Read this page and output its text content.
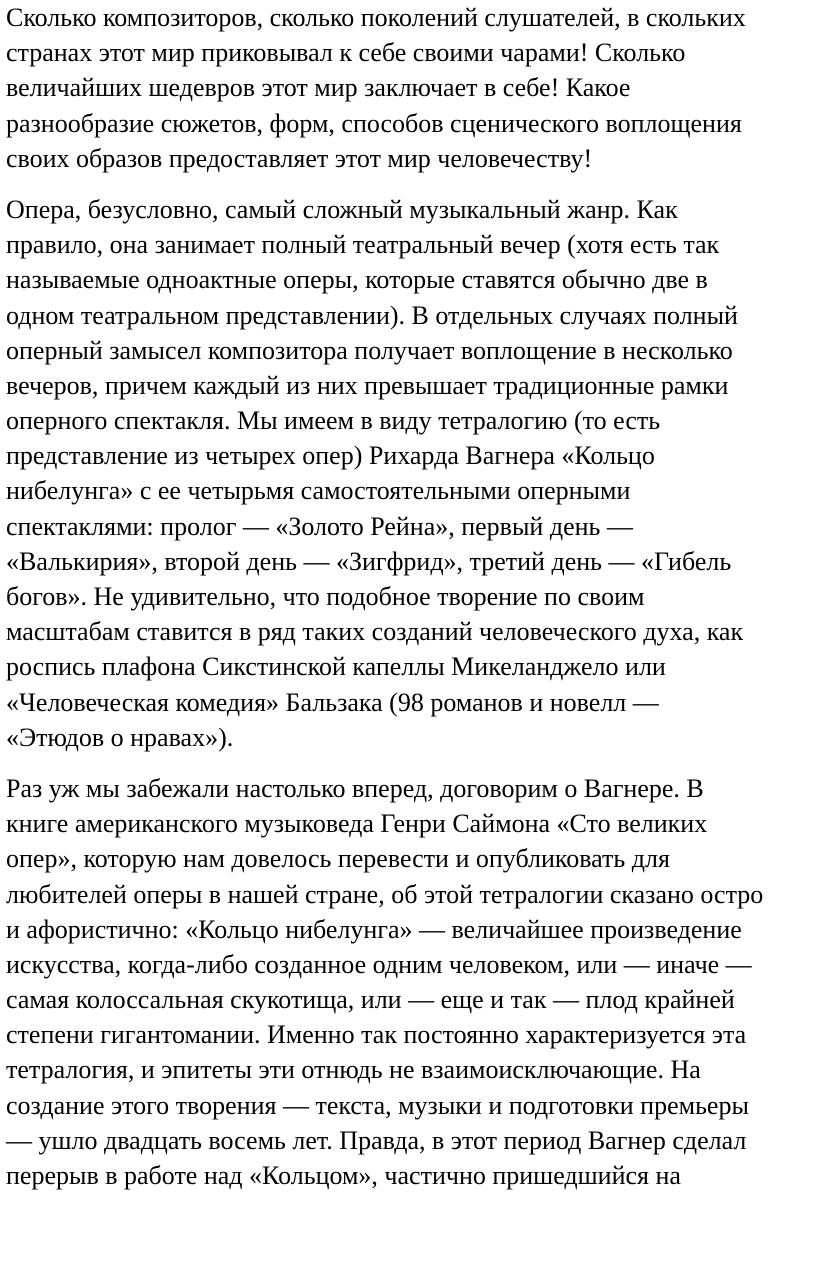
Сколько композиторов, сколько поколений слушателей, в скольких
странах этот мир приковывал к себе своими чарами! Сколько
величайших шедевров этот мир заключает в себе! Какое
разнообразие сюжетов, форм, способов сценического воплощения
своих образов предоставляет этот мир человечеству!

Опера, безусловно, самый сложный музыкальный жанр. Как
правило, она занимает полный театральный вечер (хотя есть так
называемые одноактные оперы, которые ставятся обычно две в
одном театральном представлении). В отдельных случаях полный
оперный замысел композитора получает воплощение в несколько
вечеров, причем каждый из них превышает традиционные рамки
оперного спектакля. Мы имеем в виду тетралогию (то есть
представление из четырех опер) Рихарда Вагнера «Кольцо
нибелунга» с ее четырьмя самостоятельными оперными
спектаклями: пролог — «Золото Рейна», первый день —
«Валькирия», второй день — «Зигфрид», третий день — «Гибель
богов». Не удивительно, что подобное творение по своим
масштабам ставится в ряд таких созданий человеческого духа, как
роспись плафона Сикстинской капеллы Микеланджело или
«Человеческая комедия» Бальзака (98 романов и новелл —
«Этюдов о нравах»).

Раз уж мы забежали настолько вперед, договорим о Вагнере. В
книге американского музыковеда Генри Саймона «Сто великих
опер», которую нам довелось перевести и опубликовать для
любителей оперы в нашей стране, об этой тетралогии сказано остро
и афористично: «Кольцо нибелунга» — величайшее произведение
искусства, когда-либо созданное одним человеком, или — иначе —
самая колоссальная скукотища, или — еще и так — плод крайней
степени гигантомании. Именно так постоянно характеризуется эта
тетралогия, и эпитеты эти отнюдь не взаимоисключающие. На
создание этого творения — текста, музыки и подготовки премьеры
— ушло двадцать восемь лет. Правда, в этот период Вагнер сделал
перерыв в работе над «Кольцом», частично пришедшийся на
